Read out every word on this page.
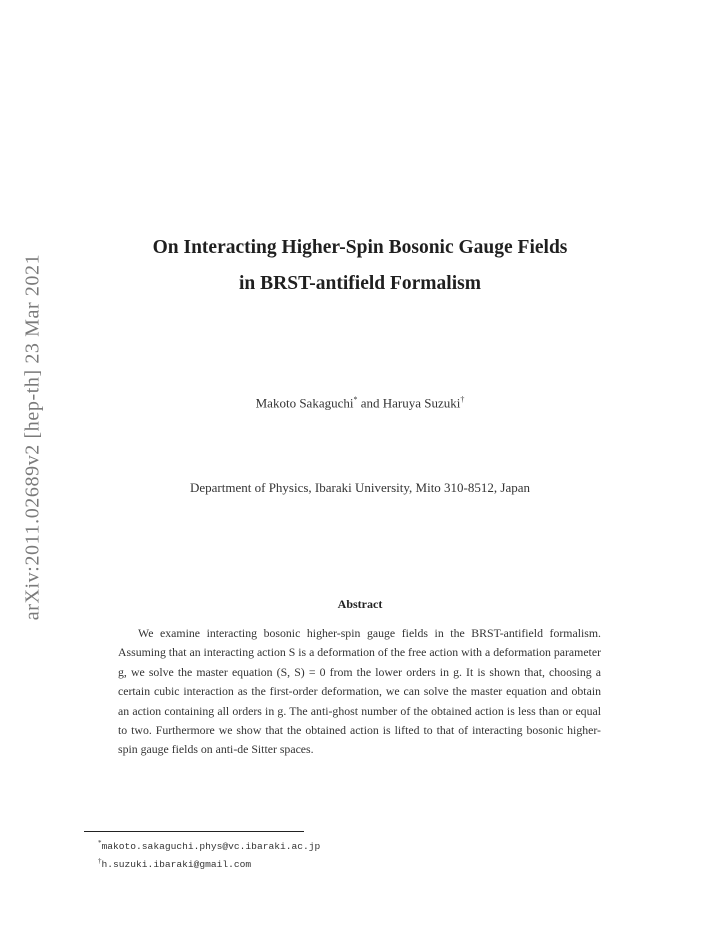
arXiv:2011.02689v2 [hep-th] 23 Mar 2021
On Interacting Higher-Spin Bosonic Gauge Fields
in BRST-antifield Formalism
Makoto Sakaguchi* and Haruya Suzuki†
Department of Physics, Ibaraki University, Mito 310-8512, Japan
Abstract

We examine interacting bosonic higher-spin gauge fields in the BRST-antifield formalism. Assuming that an interacting action S is a deformation of the free action with a deformation parameter g, we solve the master equation (S, S) = 0 from the lower orders in g. It is shown that, choosing a certain cubic interaction as the first-order deformation, we can solve the master equation and obtain an action containing all orders in g. The anti-ghost number of the obtained action is less than or equal to two. Furthermore we show that the obtained action is lifted to that of interacting bosonic higher-spin gauge fields on anti-de Sitter spaces.

*makoto.sakaguchi.phys@vc.ibaraki.ac.jp
†h.suzuki.ibaraki@gmail.com
